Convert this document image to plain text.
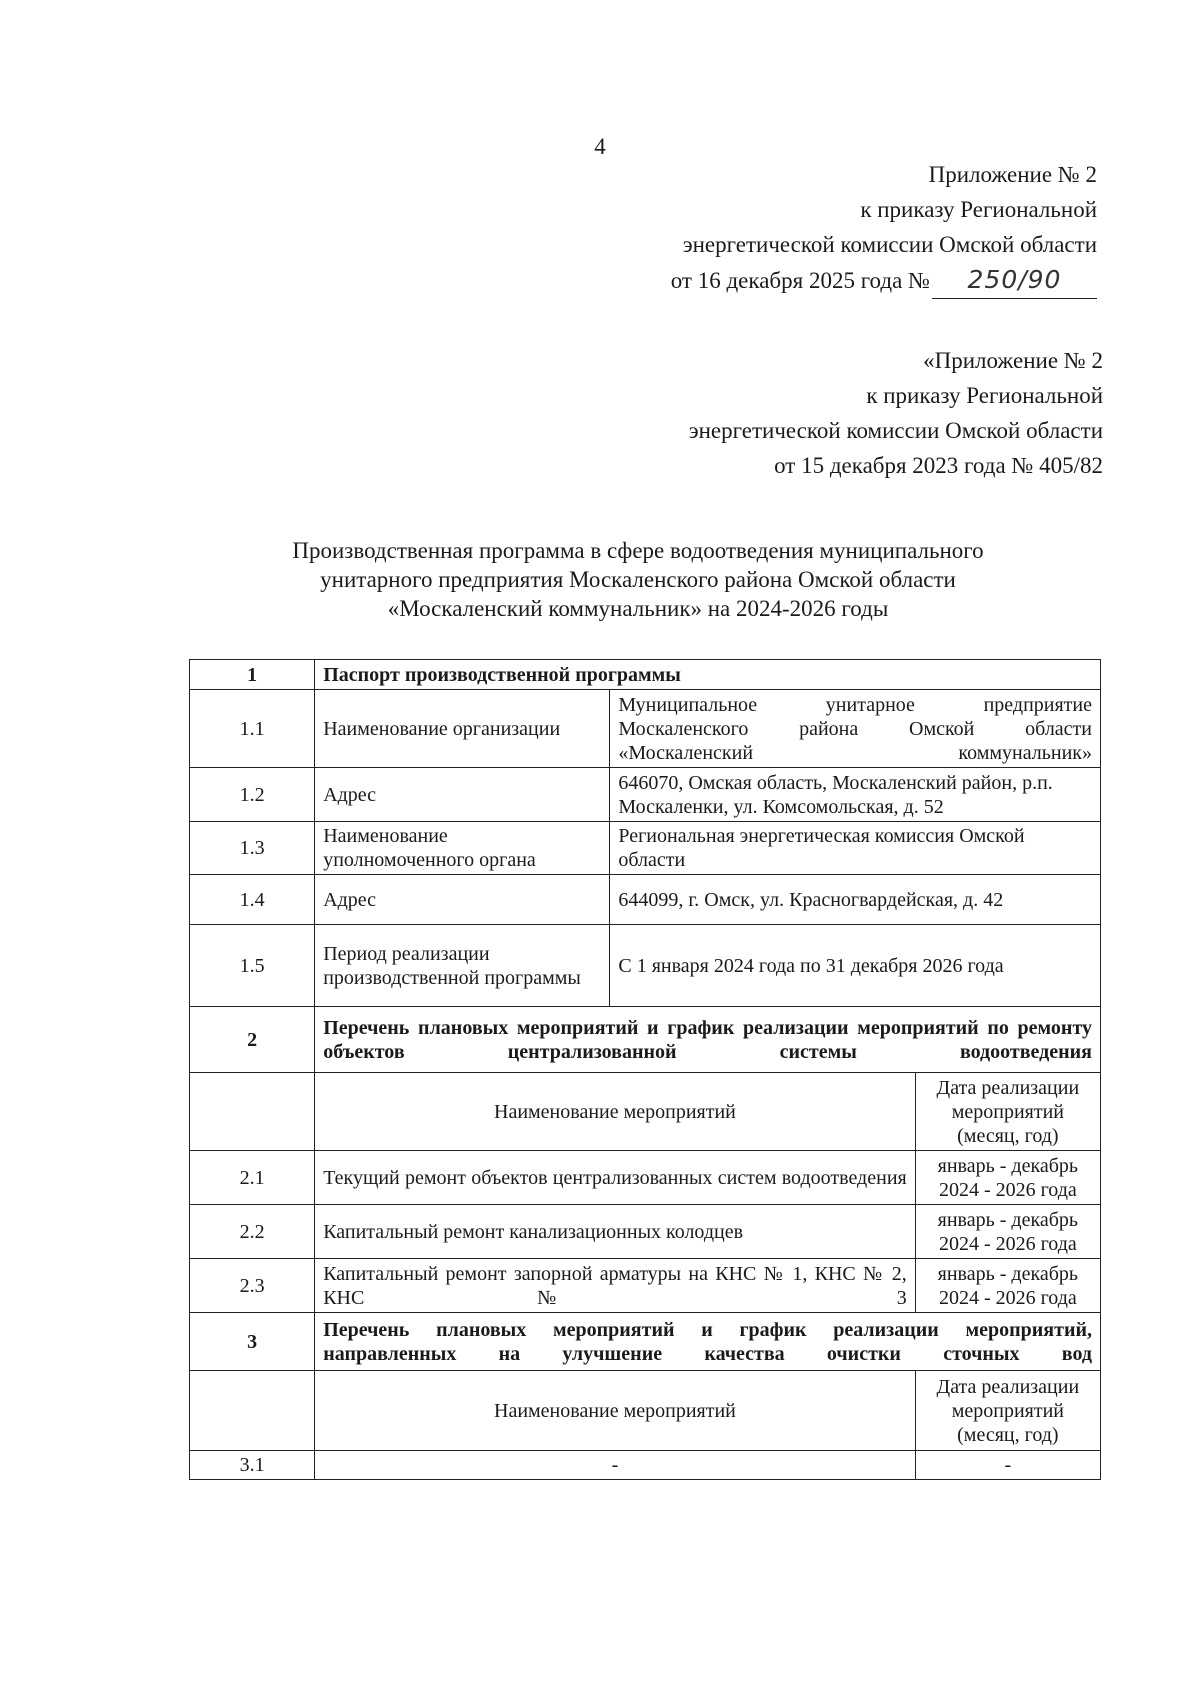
4
Приложение № 2
к приказу Региональной
энергетической комиссии Омской области
от 16 декабря 2025 года № 250/90
«Приложение № 2
к приказу Региональной
энергетической комиссии Омской области
от 15 декабря 2023 года № 405/82
Производственная программа в сфере водоотведения муниципального
унитарного предприятия Москаленского района Омской области
«Москаленский коммунальник» на 2024-2026 годы
1	Паспорт производственной программы		
1.1	Наименование организации	Муниципальное унитарное предприятие Москаленского района Омской области «Москаленский коммунальник»	
1.2	Адрес	646070, Омская область, Москаленский район, р.п. Москаленки, ул. Комсомольская, д. 52	
1.3	Наименование уполномоченного органа	Региональная энергетическая комиссия Омской области	
1.4	Адрес	644099, г. Омск, ул. Красногвардейская, д. 42	
1.5	Период реализации производственной программы	С 1 января 2024 года по 31 декабря 2026 года	
2	Перечень плановых мероприятий и график реализации мероприятий по ремонту объектов централизованной системы водоотведения		
	Наименование мероприятий		Дата реализации мероприятий (месяц, год)
2.1	Текущий ремонт объектов централизованных систем водоотведения		январь - декабрь 2024 - 2026 года
2.2	Капитальный ремонт канализационных колодцев		январь - декабрь 2024 - 2026 года
2.3	Капитальный ремонт запорной арматуры на КНС № 1, КНС № 2, КНС № 3		январь - декабрь 2024 - 2026 года
3	Перечень плановых мероприятий и график реализации мероприятий, направленных на улучшение качества очистки сточных вод		
	Наименование мероприятий		Дата реализации мероприятий (месяц, год)
3.1	-		-
